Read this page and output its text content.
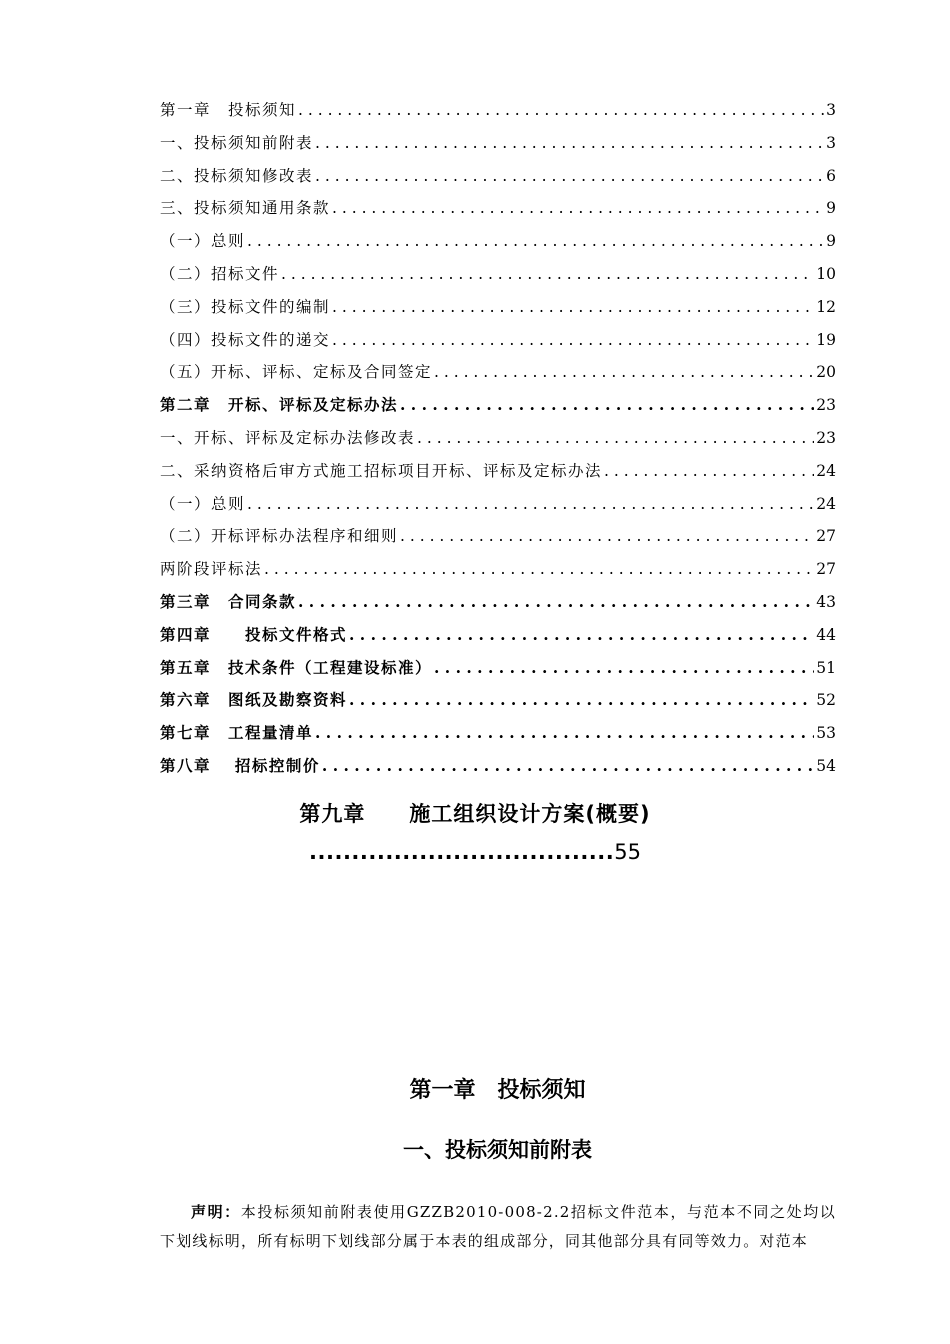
第一章　投标须知 . . .	3
一、投标须知前附表 . . .	3
二、投标须知修改表 . . .	6
三、投标须知通用条款 . . .	9
（一）总则 . . .	9
（二）招标文件 . . .	10
（三）投标文件的编制 . . .	12
（四）投标文件的递交 . . .	19
（五）开标、评标、定标及合同签定 . . .	20
第二章　开标、评标及定标办法 . . .	23
一、开标、评标及定标办法修改表 . . .	23
二、采纳资格后审方式施工招标项目开标、评标及定标办法 . . .	24
（一）总则 . . .	24
（二）开标评标办法程序和细则 . . .	27
两阶段评标法 . . .	27
第三章　合同条款 . . .	43
第四章　　投标文件格式 . . .	44
第五章　技术条件（工程建设标准） . . .	51
第六章　图纸及勘察资料 . . .	52
第七章　工程量清单 . . .	53
第八章　 招标控制价 . . .	54
第九章　　施工组织设计方案(概要)
....................................55
第一章　投标须知
一、投标须知前附表

声明：本投标须知前附表使用GZZB2010-008-2.2招标文件范本，与范本不同之处均以下划线标明，所有标明下划线部分属于本表的组成部分，同其他部分具有同等效力。对范本
